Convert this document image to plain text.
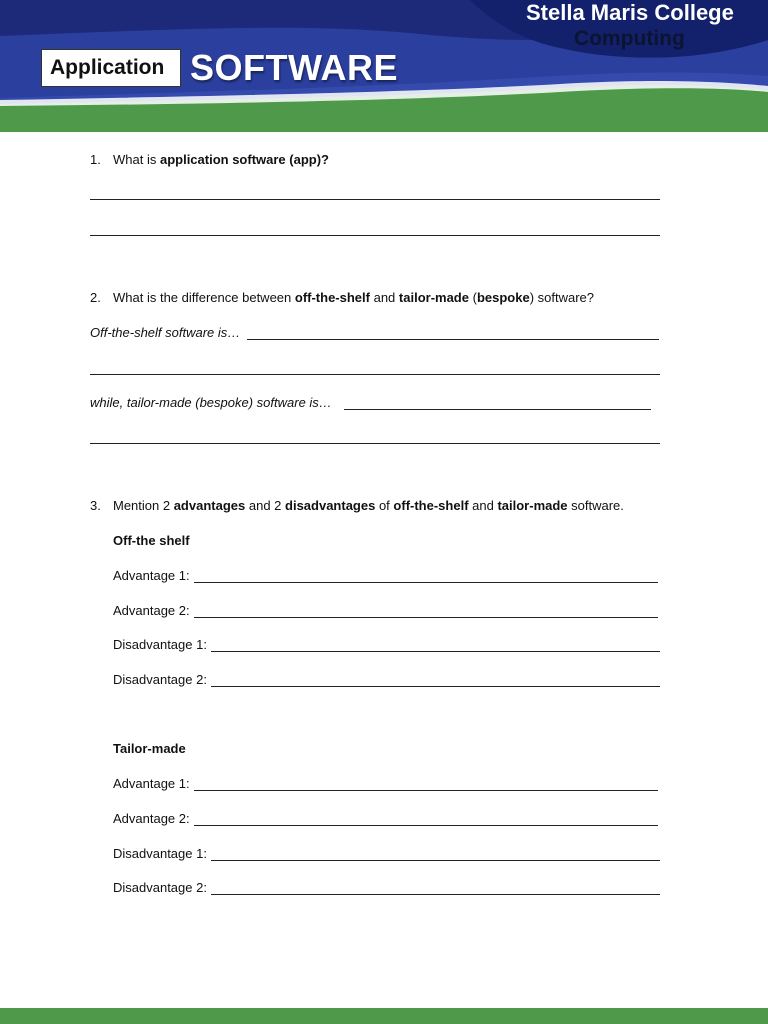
Stella Maris College
Computing
Application SOFTWARE
1. What is application software (app)?
2. What is the difference between off-the-shelf and tailor-made (bespoke) software?
Off-the-shelf software is…
while, tailor-made (bespoke) software is…
3. Mention 2 advantages and 2 disadvantages of off-the-shelf and tailor-made software.
Off-the shelf
Advantage 1:
Advantage 2:
Disadvantage 1:
Disadvantage 2:
Tailor-made
Advantage 1:
Advantage 2:
Disadvantage 1:
Disadvantage 2:
